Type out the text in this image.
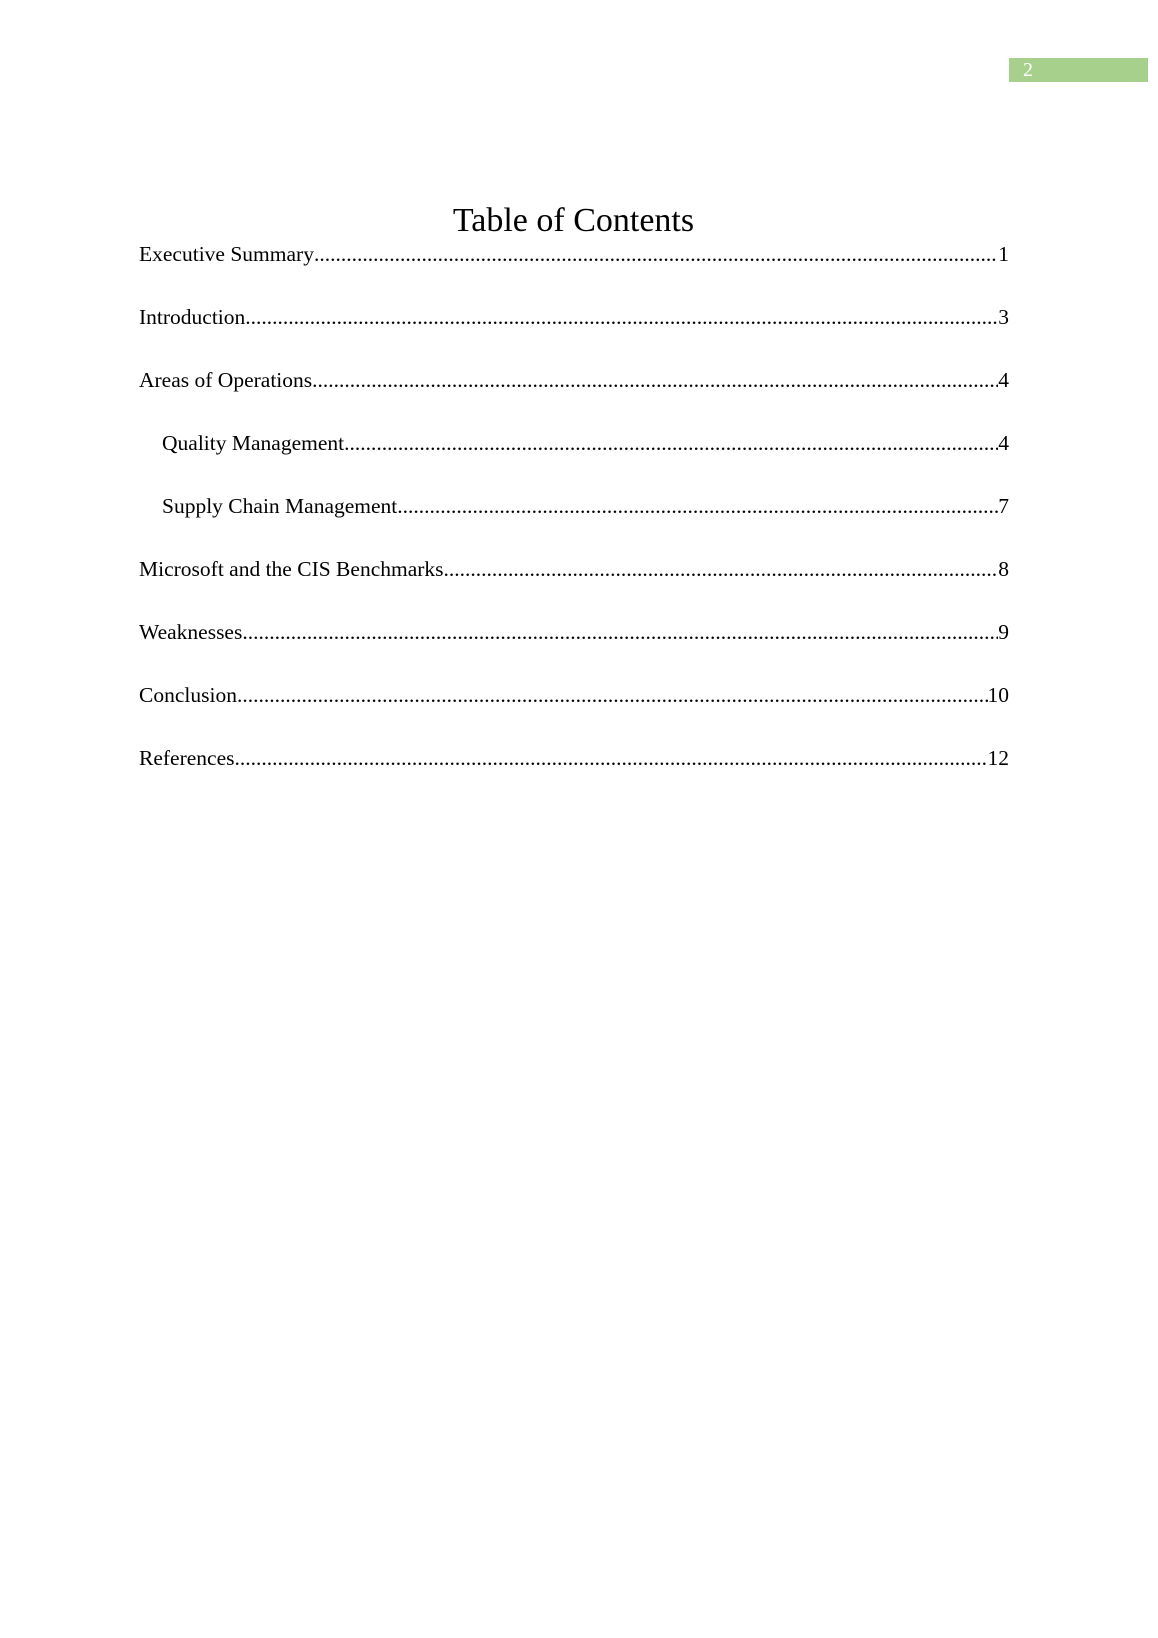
2
Table of Contents
Executive Summary .....	1
Introduction .....	3
Areas of Operations .....	4
Quality Management .....	4
Supply Chain Management .....	7
Microsoft and the CIS Benchmarks .....	8
Weaknesses .....	9
Conclusion .....	10
References .....	12
